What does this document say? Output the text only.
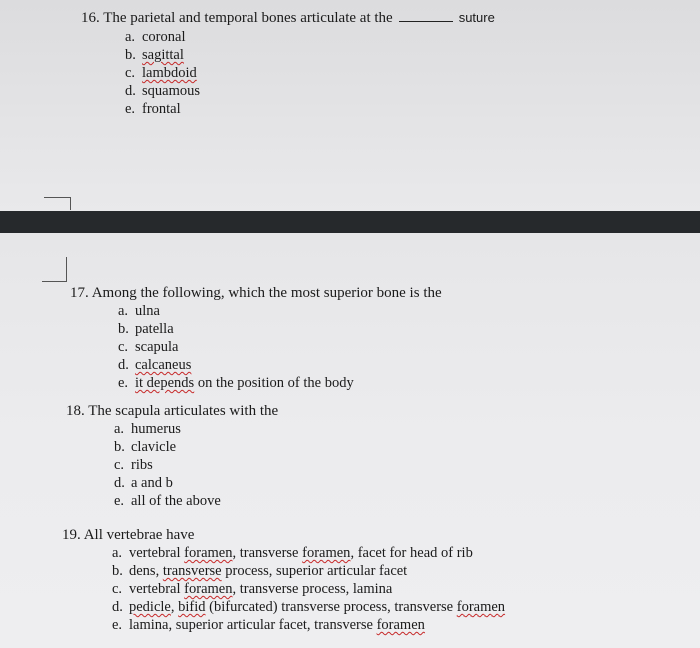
16. The parietal and temporal bones articulate at the	suture
a. coronal
b. sagittal
c. lambdoid
d. squamous
e. frontal
17. Among the following, which the most superior bone is the
a. ulna
b. patella
c. scapula
d. calcaneus
e. it depends on the position of the body
18. The scapula articulates with the
a. humerus
b. clavicle
c. ribs
d. a and b
e. all of the above
19. All vertebrae have
a. vertebral foramen, transverse foramen, facet for head of rib
b. dens, transverse process, superior articular facet
c. vertebral foramen, transverse process, lamina
d. pedicle, bifid (bifurcated) transverse process, transverse foramen
e. lamina, superior articular facet, transverse foramen
